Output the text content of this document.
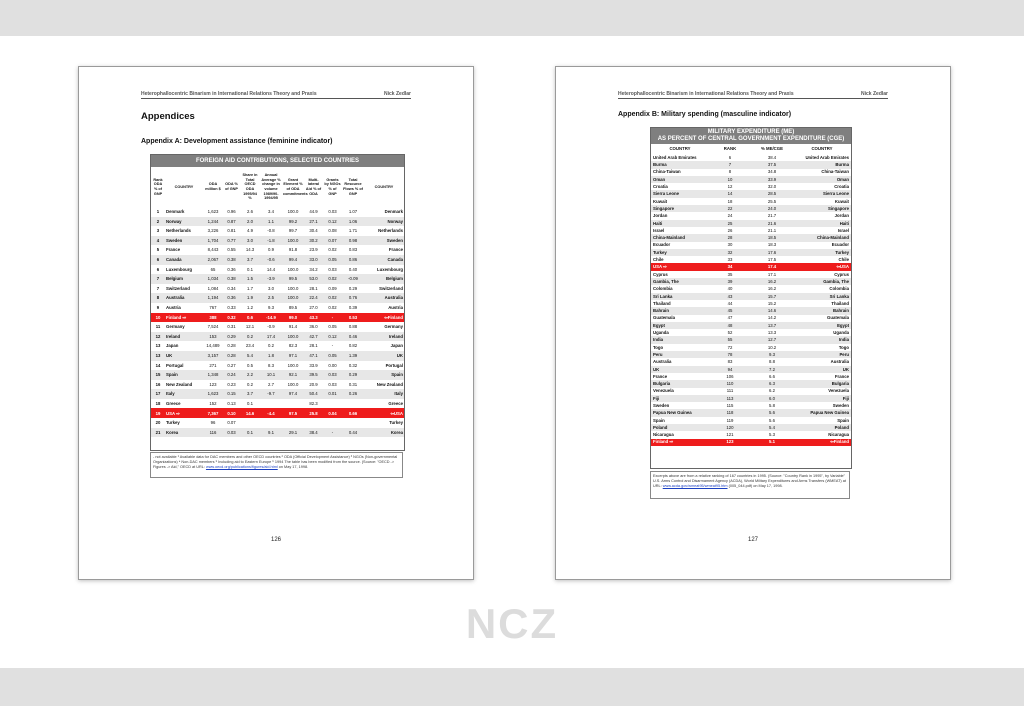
Heterophallocentric Binarism in International Relations Theory and Praxis	Nick Zedlar
Appendices
Appendix A: Development assistance (feminine indicator)
FOREIGN AID CONTRIBUTIONS, SELECTED COUNTRIES
Rank ODA % of GNP	COUNTRY	ODA million $	ODA % of GNP	Share in Total OECD ODA 1995/94 %	Annual Average % change in volume 1989/90-1994/95	Grant Element % of ODA commitments	Multi-lateral Aid % of ODA	Grants by NGOs % of GNP	Total Resource Flows % of GNP	COUNTRY
1	Denmark	1,623	0.96	2.6	3.4	100.0	44.9	0.03	1.07	Denmark
2	Norway	1,244	0.87	2.0	1.1	99.2	27.1	0.12	1.06	Norway
3	Netherlands	3,226	0.81	4.9	-0.8	99.7	30.4	0.08	1.71	Netherlands
4	Sweden	1,704	0.77	3.0	-1.8	100.0	30.2	0.07	0.98	Sweden
5	France	8,443	0.55	14.3	0.9	91.8	23.9	0.02	0.83	France
6	Canada	2,067	0.38	3.7	-0.6	99.4	33.0	0.05	0.86	Canada
6	Luxembourg	65	0.36	0.1	14.4	100.0	34.2	0.03	0.40	Luxembourg
7	Belgium	1,034	0.38	1.5	-3.9	99.5	53.0	0.02	-0.09	Belgium
7	Switzerland	1,084	0.34	1.7	3.0	100.0	28.1	0.09	0.29	Switzerland
8	Australia	1,194	0.36	1.9	2.5	100.0	22.4	0.02	0.76	Australia
9	Austria	767	0.33	1.2	9.3	89.5	27.0	0.02	0.39	Austria
10	Finland ⇨	388	0.32	0.6	-14.9	99.0	43.3	-	0.53	⇦Finland
11	Germany	7,524	0.31	12.1	-0.9	91.4	36.0	0.05	0.88	Germany
12	Ireland	153	0.29	0.2	17.4	100.0	42.7	0.12	0.46	Ireland
13	Japan	14,489	0.28	23.4	0.2	82.3	28.1	-	0.82	Japan
13	UK	3,157	0.28	5.4	1.8	97.1	47.1	0.05	1.39	UK
14	Portugal	271	0.27	0.5	8.3	100.0	33.9	0.00	0.32	Portugal
15	Spain	1,348	0.24	2.2	10.1	92.1	39.5	0.03	0.29	Spain
16	New Zealand	123	0.23	0.2	2.7	100.0	20.9	0.03	0.31	New Zealand
17	Italy	1,623	0.15	3.7	-9.7	97.4	50.4	0.01	0.26	Italy
18	Greece	152	0.13	0.1			82.3			Greece
19	USA ⇨	7,367	0.10	14.6	-4.4	97.5	25.8	0.04	0.66	⇦USA
20	Turkey	96	0.07							Turkey
21	Korea	116	0.03	0.1	9.1	29.1	38.4	-	0.44	Korea
- not available ¹ Available data for DAC members and other OECD countries ² ODA (Official Development Assistance) ³ NGOs (Non-governmental Organizations) ⁴ Non-DAC members ⁵ Including aid to Eastern Europe ⁶ 1994 The table has been modified from the source. (Source: "OECD -> Figures -> Aid," OECD at URL: www.oecd.org/publications/figures/aid.html on May 17, 1998.
126
Heterophallocentric Binarism in International Relations Theory and Praxis	Nick Zedlar
Appendix B: Military spending (masculine indicator)
MILITARY EXPENDITURE (ME)
AS PERCENT OF CENTRAL GOVERNMENT EXPENDITURE (CGE)
COUNTRY	RANK	% ME/CGE	COUNTRY
United Arab Emirates	6	38.4	United Arab Emirates
Burma	7	37.5	Burma
China-Taiwan	8	34.8	China-Taiwan
Oman	10	33.9	Oman
Croatia	12	32.0	Croatia
Sierra Leone	14	28.5	Sierra Leone
Kuwait	18	25.5	Kuwait
Singapore	22	24.0	Singapore
Jordan	24	21.7	Jordan
Haiti	25	21.6	Haiti
Israel	26	21.1	Israel
China-Mainland	28	18.5	China-Mainland
Ecuador	30	18.3	Ecuador
Turkey	32	17.6	Turkey
Chile	33	17.5	Chile
USA ⇨	34	17.4	⇦USA
Cyprus	35	17.1	Cyprus
Gambia, The	39	16.2	Gambia, The
Colombia	40	16.2	Colombia
Sri Lanka	43	15.7	Sri Lanka
Thailand	44	15.2	Thailand
Bahrain	45	14.6	Bahrain
Guatemala	47	14.2	Guatemala
Egypt	48	13.7	Egypt
Uganda	52	13.3	Uganda
India	55	12.7	India
Togo	72	10.2	Togo
Peru	78	9.3	Peru
Australia	83	8.8	Australia
UK	94	7.2	UK
France	106	6.6	France
Bulgaria	110	6.3	Bulgaria
Venezuela	111	6.2	Venezuela
Fiji	113	6.0	Fiji
Sweden	115	5.8	Sweden
Papua New Guinea	118	5.6	Papua New Guinea
Spain	119	5.6	Spain
Poland	120	5.4	Poland
Nicaragua	121	5.3	Nicaragua
Finland ⇨	123	5.1	⇦Finland
Excerpts above are from a relative ranking of 167 countries in 1995. (Source: "Country Rank in 1995", by Variable" U.S. Arms Control and Disarmament Agency (ACDA), World Military Expenditures and Arms Transfers (WMEAT) at URL: www.acda.gov/wmeat95/wmeat95.htm (005_044.pdf) on May 17, 1998.
127
NCZ
